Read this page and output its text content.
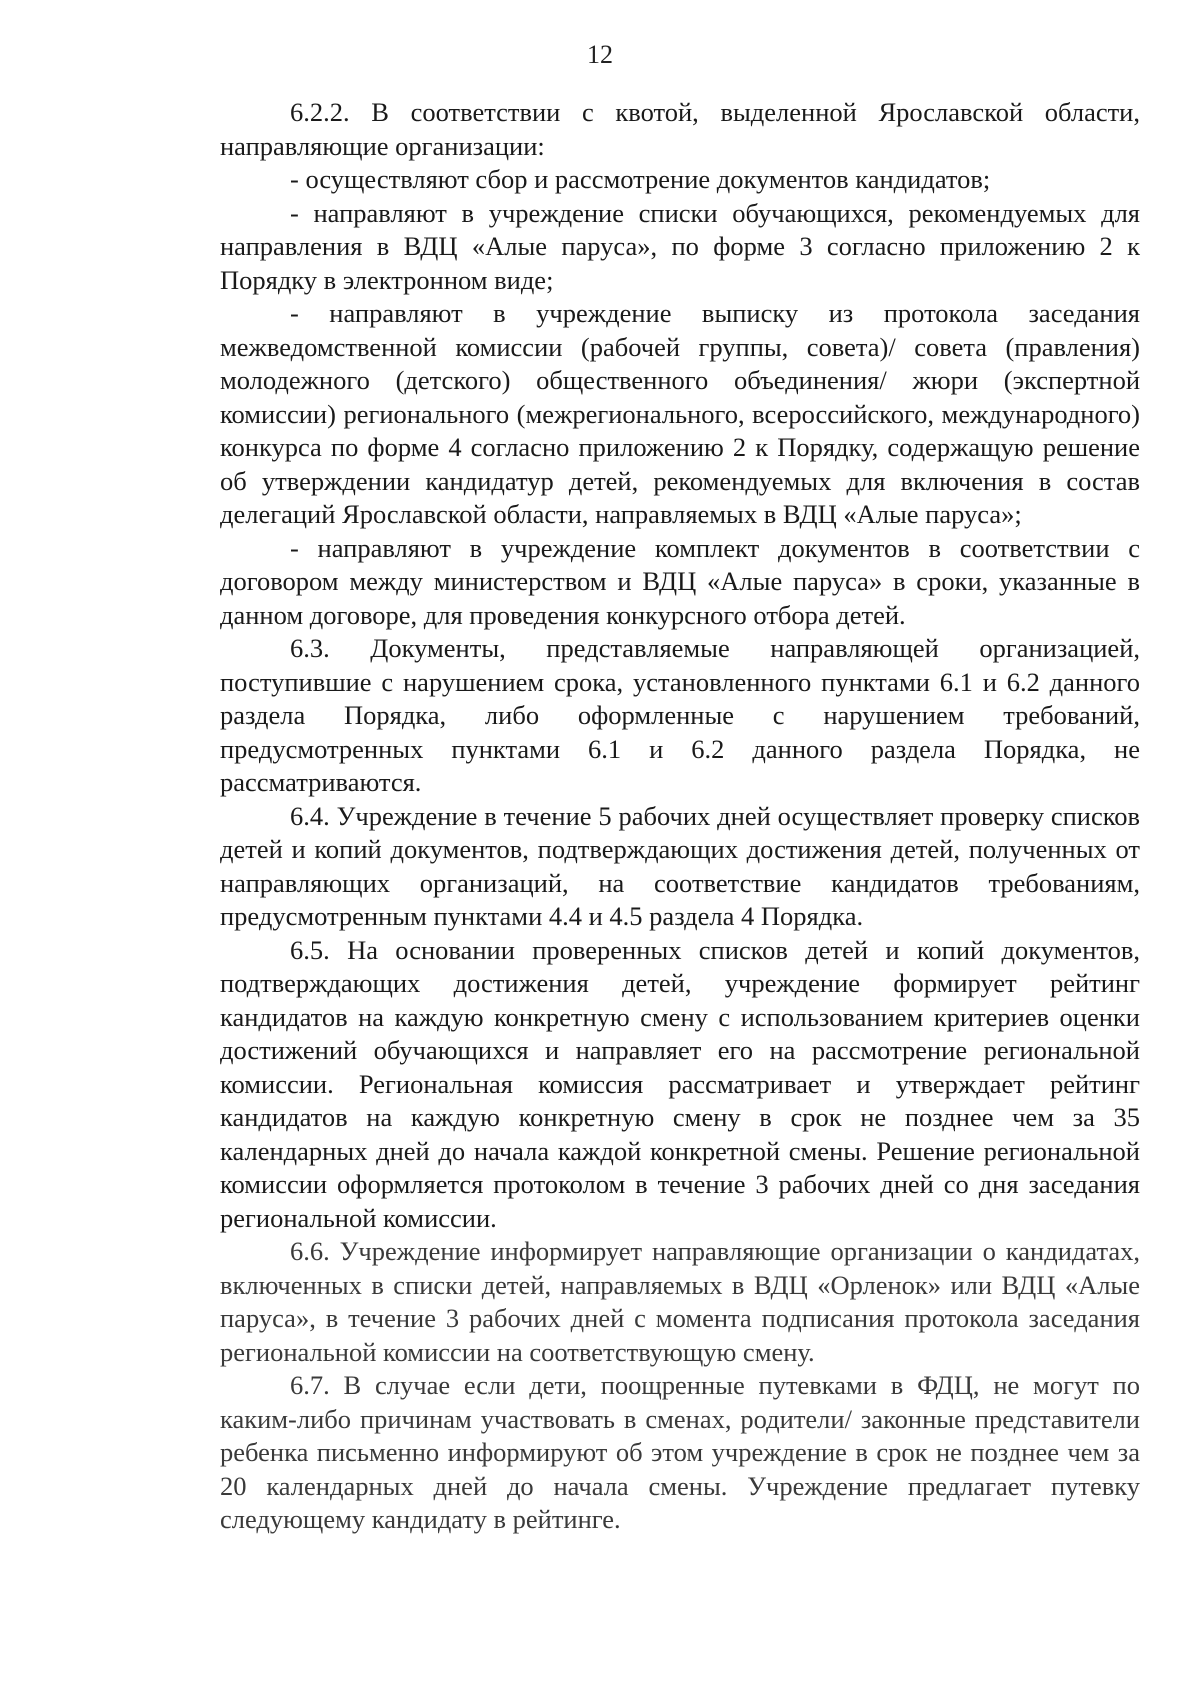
12

6.2.2. В соответствии с квотой, выделенной Ярославской области, направляющие организации:

- осуществляют сбор и рассмотрение документов кандидатов;

- направляют в учреждение списки обучающихся, рекомендуемых для направления в ВДЦ «Алые паруса», по форме 3 согласно приложению 2 к Порядку в электронном виде;

- направляют в учреждение выписку из протокола заседания межведомственной комиссии (рабочей группы, совета)/ совета (правления) молодежного (детского) общественного объединения/ жюри (экспертной комиссии) регионального (межрегионального, всероссийского, международного) конкурса по форме 4 согласно приложению 2 к Порядку, содержащую решение об утверждении кандидатур детей, рекомендуемых для включения в состав делегаций Ярославской области, направляемых в ВДЦ «Алые паруса»;

- направляют в учреждение комплект документов в соответствии с договором между министерством и ВДЦ «Алые паруса» в сроки, указанные в данном договоре, для проведения конкурсного отбора детей.

6.3. Документы, представляемые направляющей организацией, поступившие с нарушением срока, установленного пунктами 6.1 и 6.2 данного раздела Порядка, либо оформленные с нарушением требований, предусмотренных пунктами 6.1 и 6.2 данного раздела Порядка, не рассматриваются.

6.4. Учреждение в течение 5 рабочих дней осуществляет проверку списков детей и копий документов, подтверждающих достижения детей, полученных от направляющих организаций, на соответствие кандидатов требованиям, предусмотренным пунктами 4.4 и 4.5 раздела 4 Порядка.

6.5. На основании проверенных списков детей и копий документов, подтверждающих достижения детей, учреждение формирует рейтинг кандидатов на каждую конкретную смену с использованием критериев оценки достижений обучающихся и направляет его на рассмотрение региональной комиссии. Региональная комиссия рассматривает и утверждает рейтинг кандидатов на каждую конкретную смену в срок не позднее чем за 35 календарных дней до начала каждой конкретной смены. Решение региональной комиссии оформляется протоколом в течение 3 рабочих дней со дня заседания региональной комиссии.

6.6. Учреждение информирует направляющие организации о кандидатах, включенных в списки детей, направляемых в ВДЦ «Орленок» или ВДЦ «Алые паруса», в течение 3 рабочих дней с момента подписания протокола заседания региональной комиссии на соответствующую смену.

6.7. В случае если дети, поощренные путевками в ФДЦ, не могут по каким-либо причинам участвовать в сменах, родители/ законные представители ребенка письменно информируют об этом учреждение в срок не позднее чем за 20 календарных дней до начала смены. Учреждение предлагает путевку следующему кандидату в рейтинге.
